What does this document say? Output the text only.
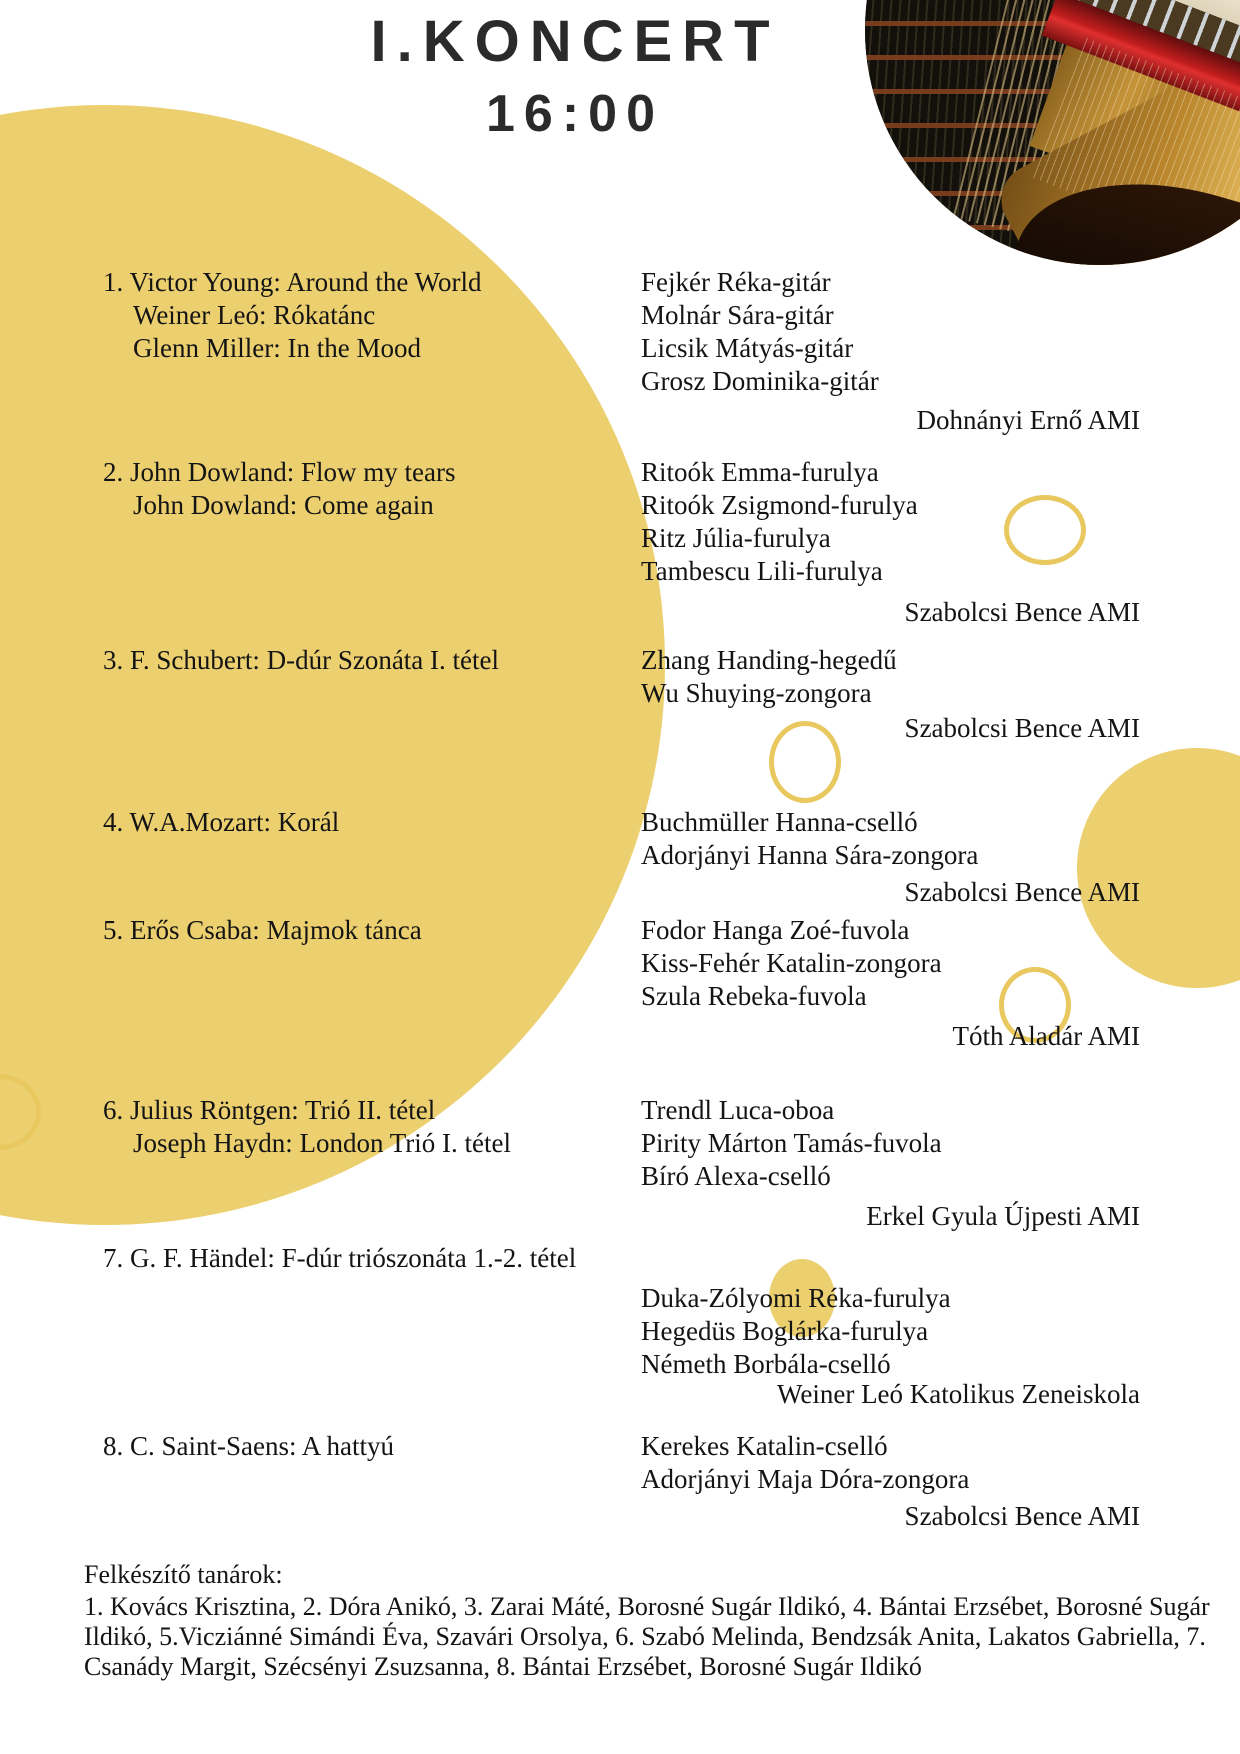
I.KONCERT
16:00
1. Victor Young: Around the World
Weiner Leó: Rókatánc
Glenn Miller: In the Mood
Fejkér Réka-gitár
Molnár Sára-gitár
Licsik Mátyás-gitár
Grosz Dominika-gitár
Dohnányi Ernő AMI
2. John Dowland: Flow my tears
John Dowland: Come again
Ritoók Emma-furulya
Ritoók Zsigmond-furulya
Ritz Júlia-furulya
Tambescu Lili-furulya
Szabolcsi Bence AMI
3. F. Schubert: D-dúr Szonáta I. tétel	Zhang Handing-hegedű
Wu Shuying-zongora
Szabolcsi Bence AMI
4. W.A.Mozart: Korál	Buchmüller Hanna-cselló
Adorjányi Hanna Sára-zongora
Szabolcsi Bence AMI
5. Erős Csaba: Majmok tánca	Fodor Hanga Zoé-fuvola
Kiss-Fehér Katalin-zongora
Szula Rebeka-fuvola
Tóth Aladár AMI
6. Julius Röntgen: Trió II. tétel
Joseph Haydn: London Trió I. tétel
Trendl Luca-oboa
Pirity Márton Tamás-fuvola
Bíró Alexa-cselló
Erkel Gyula Újpesti AMI
7. G. F. Händel: F-dúr triószonáta 1.-2. tétel
Duka-Zólyomi Réka-furulya
Hegedüs Boglárka-furulya
Németh Borbála-cselló
Weiner Leó Katolikus Zeneiskola
8. C. Saint-Saens: A hattyú	Kerekes Katalin-cselló
Adorjányi Maja Dóra-zongora
Szabolcsi Bence AMI
Felkészítő tanárok:
1. Kovács Krisztina, 2. Dóra Anikó, 3. Zarai Máté, Borosné Sugár Ildikó, 4. Bántai Erzsébet, Borosné Sugár
Ildikó, 5.Vicziánné Simándi Éva, Szavári Orsolya, 6. Szabó Melinda, Bendzsák Anita, Lakatos Gabriella, 7.
Csanády Margit, Szécsényi Zsuzsanna, 8. Bántai Erzsébet, Borosné Sugár Ildikó
